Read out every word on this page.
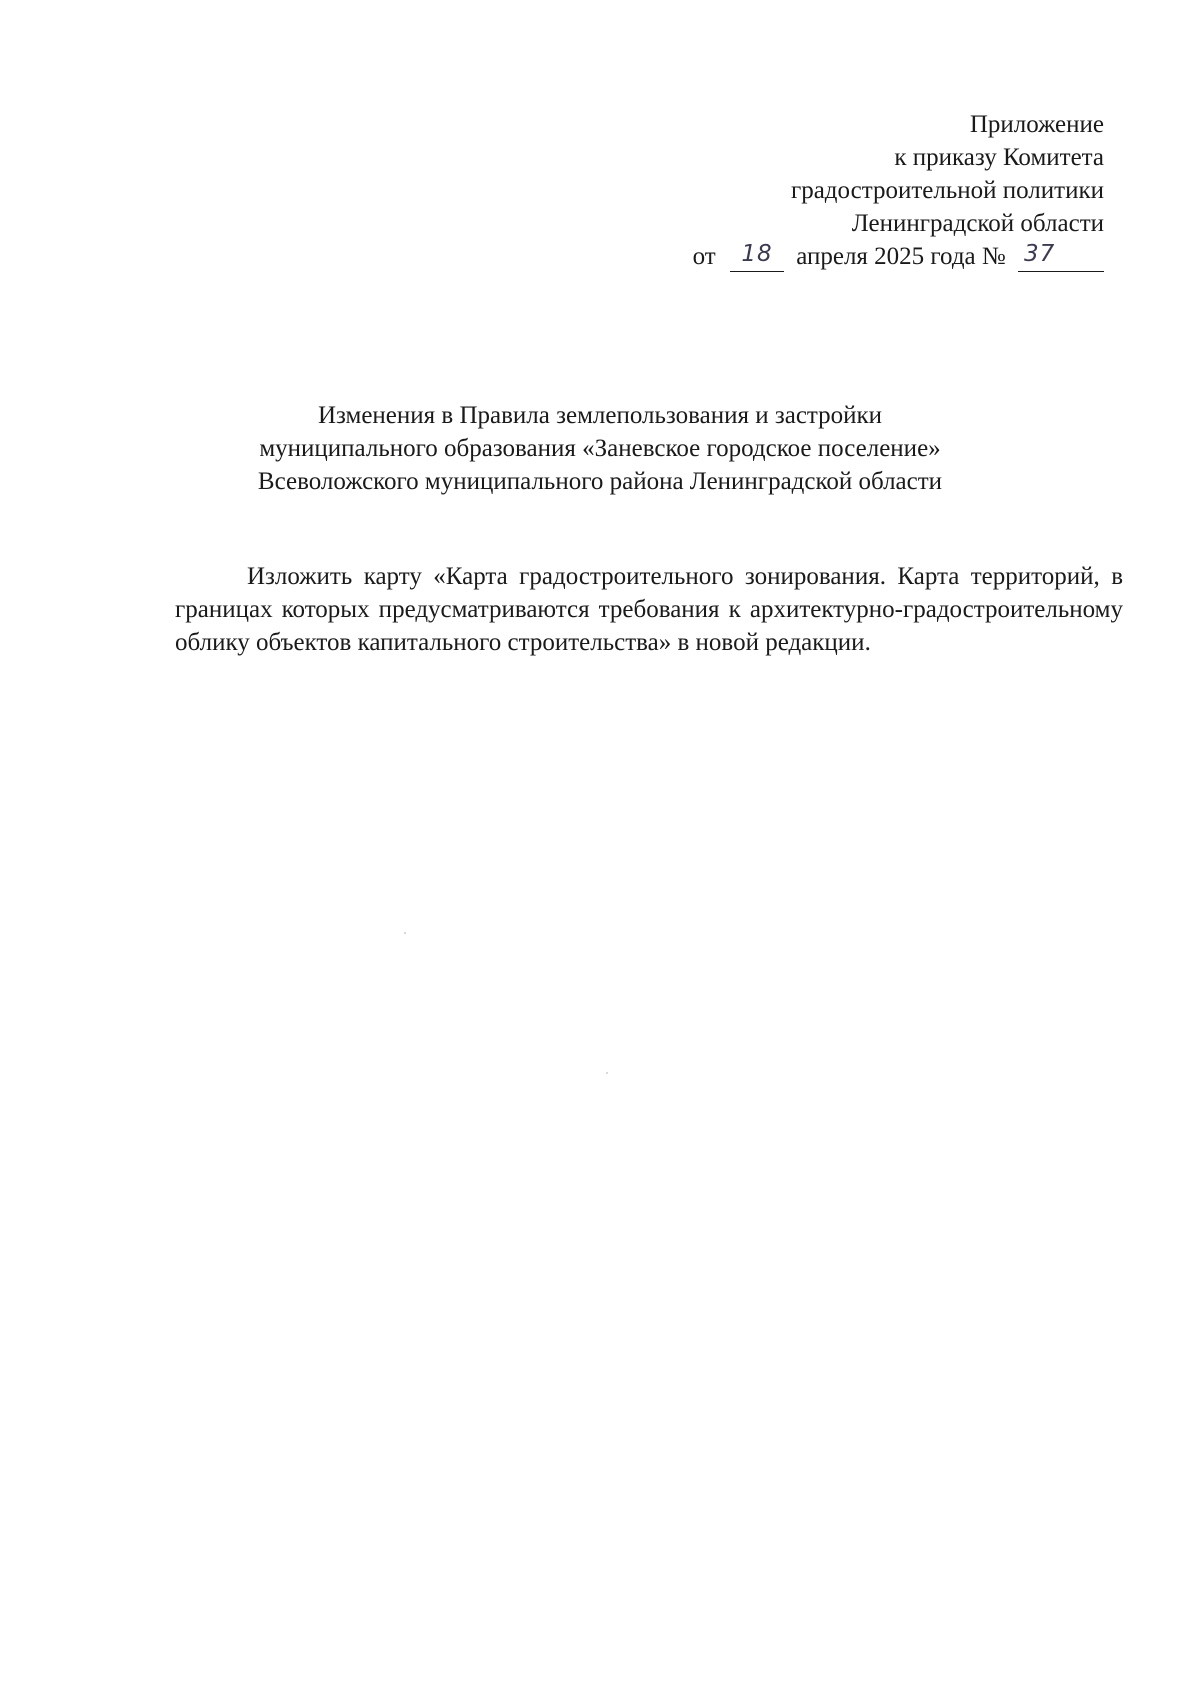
Приложение
к приказу Комитета
градостроительной политики
Ленинградской области
от 18 апреля 2025 года № 37
Изменения в Правила землепользования и застройки
муниципального образования «Заневское городское поселение»
Всеволожского муниципального района Ленинградской области

Изложить карту «Карта градостроительного зонирования. Карта территорий, в границах которых предусматриваются требования к архитектурно-градостроительному облику объектов капитального строительства» в новой редакции.
